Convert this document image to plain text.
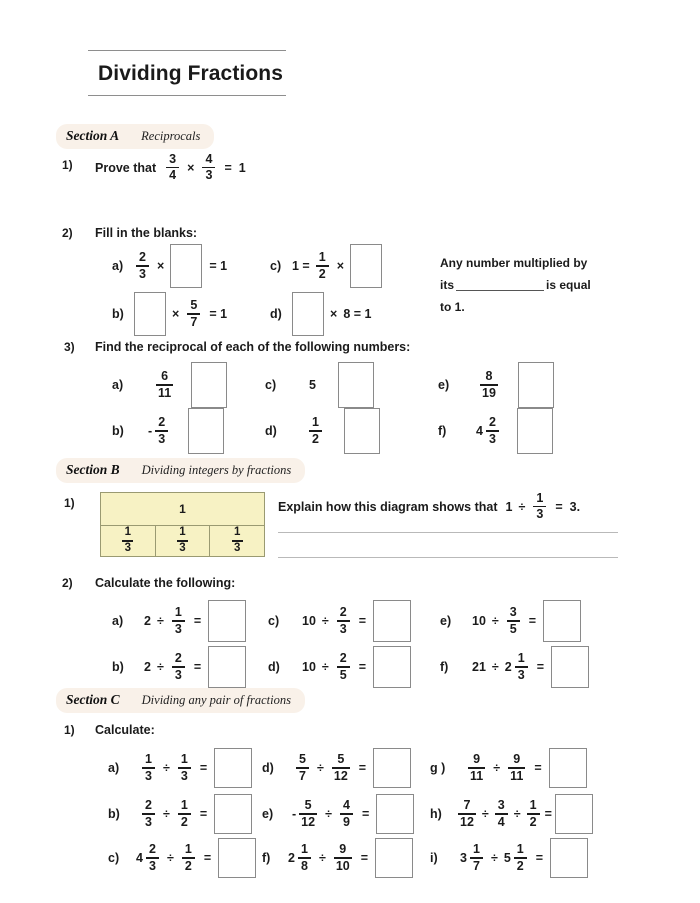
Dividing Fractions
Section A Reciprocals
1) Prove that $\frac{3}{4} \times \frac{4}{3} = 1$
2) Fill in the blanks:
a)	$\frac{2}{3}$ ×	= 1
b)	× $\frac{5}{7} = 1$
c) $1 = \frac{1}{2}$ ×
d)	× 8 = 1
Any number multiplied by
its	is equal
to 1.
3) Find the reciprocal of each of the following numbers:
a)	$\frac{6}{11}$
b)	- $\frac{2}{3}$
c)	5
d)	$\frac{1}{2}$
e)	$\frac{8}{19}$
f)	$4 \frac{2}{3}$
Section B Dividing integers by fractions
1)	1
$\frac{1}{3}$	$\frac{1}{3}$	$\frac{1}{3}$
Explain how this diagram shows that $1 \div \frac{1}{3} = 3$.
2) Calculate the following:
a)	$2 \div \frac{1}{3}$ =
b)	$2 \div \frac{2}{3}$ =
c)	$10 \div \frac{2}{3}$ =
d)	$10 \div \frac{2}{5}$ =
e)	$10 \div \frac{3}{5}$ =
f)	$21 \div 2 \frac{1}{3}$ =
Section C Dividing any pair of fractions
1) Calculate:
a)	$\frac{1}{3} \div \frac{1}{3}$ =
b)	$\frac{2}{3} \div \frac{1}{2}$ =
c)	$4 \frac{2}{3} \div \frac{1}{2}$ =
d)	$\frac{5}{7} \div \frac{5}{12}$ =
e)	- $\frac{5}{12} \div \frac{4}{9}$ =
f)	$2 \frac{1}{8} \div \frac{9}{10}$ =
g )	$\frac{9}{11} \div \frac{9}{11}$ =
h)	$\frac{7}{12} \div \frac{3}{4} \div \frac{1}{2}$ =
i)	$3 \frac{1}{7} \div 5 \frac{1}{2}$ =
